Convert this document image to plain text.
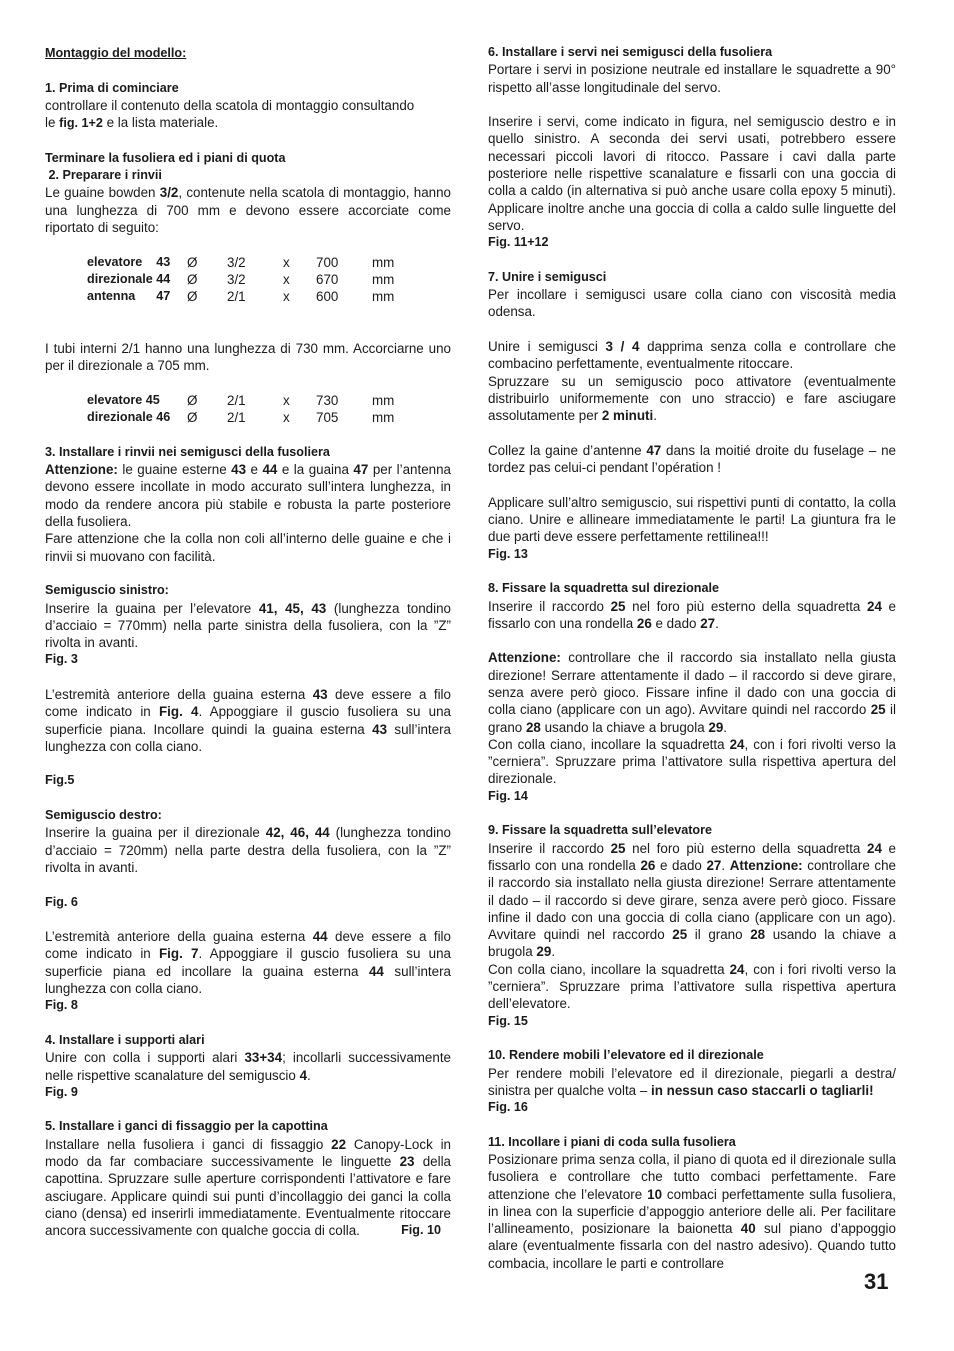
Montaggio del modello:

1. Prima di cominciare

controllare il contenuto della scatola di montaggio consultando

le fig. 1+2 e la lista materiale.

Terminare la fusoliera ed i piani di quota

2. Preparare i rinvii

Le guaine bowden 3/2, contenute nella scatola di montaggio, hanno una lunghezza di 700 mm e devono essere accorciate come riportato di seguito:

elevatore    43	Ø	3/2	x	700	mm
direzionale 44	Ø	3/2	x	670	mm
antenna      47	Ø	2/1	x	600	mm

I tubi interni 2/1 hanno una lunghezza di 730 mm. Accorciarne uno per il direzionale a 705 mm.

elevatore 45	Ø	2/1	x	730	mm
direzionale 46	Ø	2/1	x	705	mm

3. Installare i rinvii nei semigusci della fusoliera

Attenzione: le guaine esterne 43 e 44 e la guaina 47 per l’antenna devono essere incollate in modo accurato sull’intera lunghezza, in modo da rendere ancora più stabile e robusta la parte posteriore della fusoliera.

Fare attenzione che la colla non coli all’interno delle guaine e che i rinvii si muovano con facilità.

Semiguscio sinistro:

Inserire la guaina per l’elevatore 41, 45, 43 (lunghezza tondino d’acciaio = 770mm) nella parte sinistra della fusoliera, con la ”Z” rivolta in avanti.

Fig. 3

L’estremità anteriore della guaina esterna 43 deve essere a filo come indicato in Fig. 4. Appoggiare il guscio fusoliera su una superficie piana. Incollare quindi la guaina esterna 43 sull’intera lunghezza con colla ciano.

Fig.5

Semiguscio destro:

Inserire la guaina per il direzionale 42, 46, 44 (lunghezza tondino d’acciaio = 720mm) nella parte destra della fusoliera, con la ”Z” rivolta in avanti.

Fig. 6

L’estremità anteriore della guaina esterna 44 deve essere a filo come indicato in Fig. 7. Appoggiare il guscio fusoliera su una superficie piana ed incollare la guaina esterna 44 sull’intera lunghezza con colla ciano.

Fig. 8

4. Installare i supporti alari

Unire con colla i supporti alari 33+34; incollarli successivamente nelle rispettive scanalature del semiguscio 4.

Fig. 9

5. Installare i ganci di fissaggio per la capottina

Installare nella fusoliera i ganci di fissaggio 22 Canopy-Lock in modo da far combaciare successivamente le linguette 23 della capottina. Spruzzare sulle aperture corrispondenti l’attivatore e fare asciugare. Applicare quindi sui punti d’incollaggio dei ganci la colla ciano (densa) ed inserirli immediatamente. Eventualmente ritoccare ancora successivamente con qualche goccia di colla.	Fig. 10

6. Installare i servi nei semigusci della fusoliera

Portare i servi in posizione neutrale ed installare le squadrette a 90° rispetto all’asse longitudinale del servo.

Inserire i servi, come indicato in figura, nel semiguscio destro e in quello sinistro. A seconda dei servi usati, potrebbero essere necessari piccoli lavori di ritocco. Passare i cavi dalla parte posteriore nelle rispettive scanalature e fissarli con una goccia di colla a caldo (in alternativa si può anche usare colla epoxy 5 minuti). Applicare inoltre anche una goccia di colla a caldo sulle linguette del servo.

Fig. 11+12

7. Unire i semigusci

Per incollare i semigusci usare colla ciano con viscosità media odensa.

Unire i semigusci 3 / 4 dapprima senza colla e controllare che combacino perfettamente, eventualmente ritoccare.

Spruzzare su un semiguscio poco attivatore (eventualmente distribuirlo uniformemente con uno straccio) e fare asciugare assolutamente per 2 minuti.

Collez la gaine d’antenne 47 dans la moitié droite du fuselage – ne tordez pas celui-ci pendant l’opération !

Applicare sull’altro semiguscio, sui rispettivi punti di contatto, la colla ciano. Unire e allineare immediatamente le parti! La giuntura fra le due parti deve essere perfettamente rettilinea!!!

Fig. 13

8. Fissare la squadretta sul direzionale

Inserire il raccordo 25 nel foro più esterno della squadretta 24 e fissarlo con una rondella 26 e dado 27.

Attenzione: controllare che il raccordo sia installato nella giusta direzione! Serrare attentamente il dado – il raccordo si deve girare, senza avere però gioco. Fissare infine il dado con una goccia di colla ciano (applicare con un ago). Avvitare quindi nel raccordo 25 il grano 28 usando la chiave a brugola 29.

Con colla ciano, incollare la squadretta 24, con i fori rivolti verso la ”cerniera”. Spruzzare prima l’attivatore sulla rispettiva apertura del direzionale.

Fig. 14

9. Fissare la squadretta sull’elevatore

Inserire il raccordo 25 nel foro più esterno della squadretta 24 e fissarlo con una rondella 26 e dado 27. Attenzione: controllare che il raccordo sia installato nella giusta direzione! Serrare attentamente il dado – il raccordo si deve girare, senza avere però gioco. Fissare infine il dado con una goccia di colla ciano (applicare con un ago). Avvitare quindi nel raccordo 25 il grano 28 usando la chiave a brugola 29.

Con colla ciano, incollare la squadretta 24, con i fori rivolti verso la ”cerniera”. Spruzzare prima l’attivatore sulla rispettiva apertura dell’elevatore.

Fig. 15

10. Rendere mobili l’elevatore ed il direzionale

Per rendere mobili l’elevatore ed il direzionale, piegarli a destra/ sinistra per qualche volta – in nessun caso staccarli o tagliarli!

Fig. 16

11. Incollare i piani di coda sulla fusoliera

Posizionare prima senza colla, il piano di quota ed il direzionale sulla fusoliera e controllare che tutto combaci perfettamente. Fare attenzione che l’elevatore 10 combaci perfettamente sulla fusoliera, in linea con la superficie d’appoggio anteriore delle ali. Per facilitare l’allineamento, posizionare la baionetta 40 sul piano d’appoggio alare (eventualmente fissarla con del nastro adesivo). Quando tutto combacia, incollare le parti e controllare

31
